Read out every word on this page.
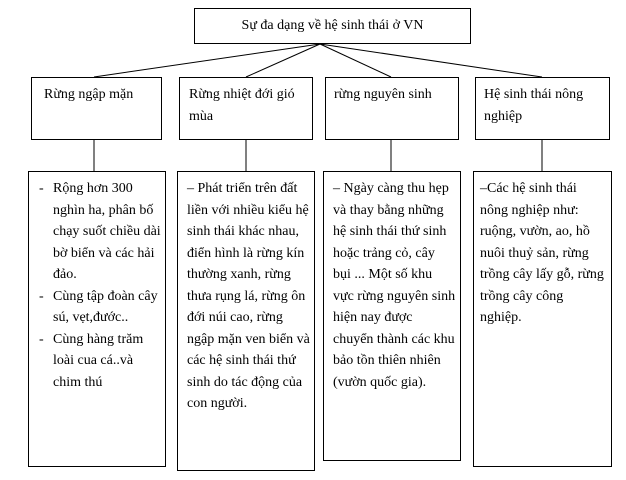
Sự đa dạng về hệ sinh thái ở VN
Rừng ngập mặn	Rừng nhiệt đới gió mùa
rừng nguyên sinh	Hệ sinh thái nông nghiệp
- Rộng hơn 300 nghìn ha, phân bố chạy suốt chiều dài bờ biển và các hải đảo.
- Cùng tập đoàn cây sú, vẹt,đước..
- Cùng hàng trăm loài cua cá..và chim thú
– Phát triển trên đất liền với nhiều kiểu hệ sinh thái khác nhau, điển hình là rừng kín thường xanh, rừng thưa rụng lá, rừng ôn đới núi cao, rừng ngập mặn ven biển và các hệ sinh thái thứ sinh do tác động của con người.
– Ngày càng thu hẹp và thay bằng những hệ sinh thái thứ sinh hoặc trảng cỏ, cây bụi ... Một số khu vực rừng nguyên sinh hiện nay được chuyển thành các khu bảo tồn thiên nhiên (vườn quốc gia).
–Các hệ sinh thái nông nghiệp như: ruộng, vườn, ao, hồ nuôi thuỷ sản, rừng trồng cây lấy gỗ, rừng trồng cây công nghiệp.
